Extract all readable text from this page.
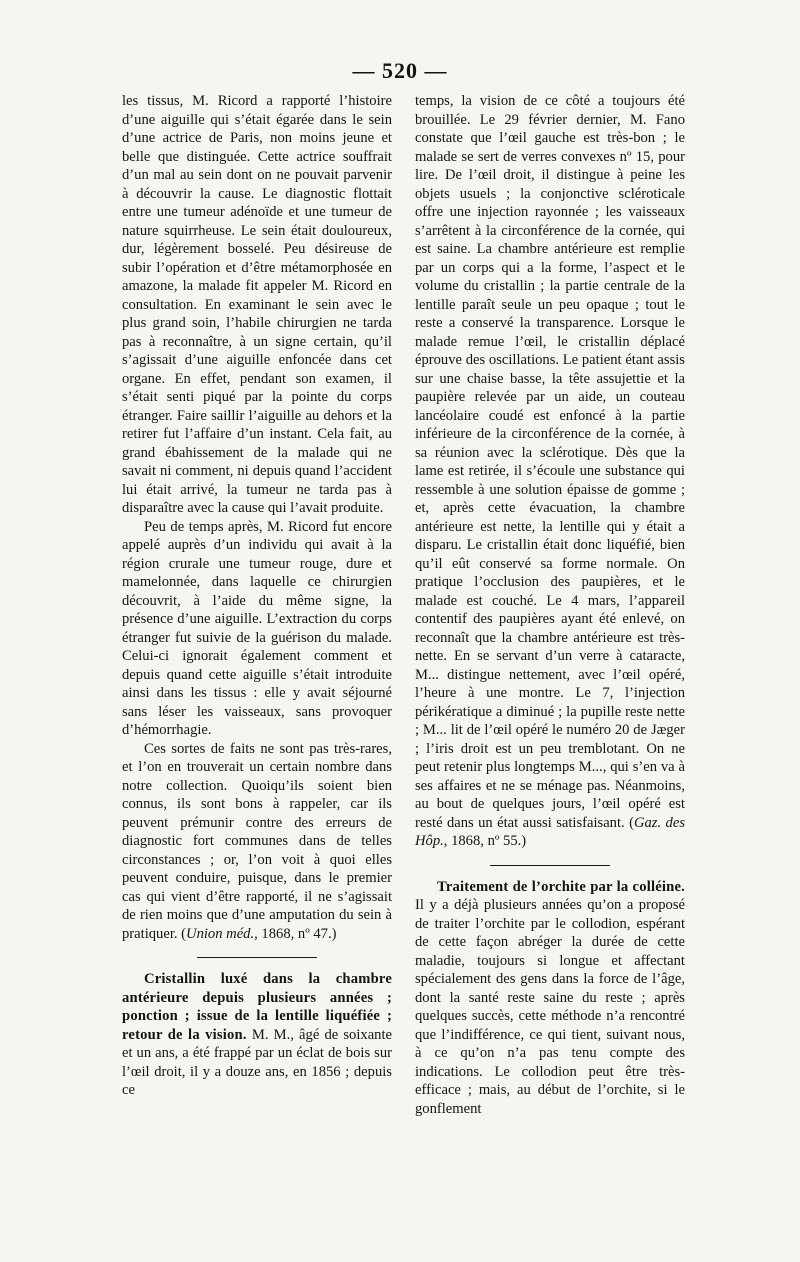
— 520 —

les tissus, M. Ricord a rapporté l’histoire d’une aiguille qui s’était égarée dans le sein d’une actrice de Paris, non moins jeune et belle que distinguée. Cette actrice souffrait d’un mal au sein dont on ne pouvait parvenir à découvrir la cause. Le diagnostic flottait entre une tumeur adénoïde et une tumeur de nature squirrheuse. Le sein était douloureux, dur, légèrement bosselé. Peu désireuse de subir l’opération et d’être métamorphosée en amazone, la malade fit appeler M. Ricord en consultation. En examinant le sein avec le plus grand soin, l’habile chirurgien ne tarda pas à reconnaître, à un signe certain, qu’il s’agissait d’une aiguille enfoncée dans cet organe. En effet, pendant son examen, il s’était senti piqué par la pointe du corps étranger. Faire saillir l’aiguille au dehors et la retirer fut l’affaire d’un instant. Cela fait, au grand ébahissement de la malade qui ne savait ni comment, ni depuis quand l’accident lui était arrivé, la tumeur ne tarda pas à disparaître avec la cause qui l’avait produite.

Peu de temps après, M. Ricord fut encore appelé auprès d’un individu qui avait à la région crurale une tumeur rouge, dure et mamelonnée, dans laquelle ce chirurgien découvrit, à l’aide du même signe, la présence d’une aiguille. L’extraction du corps étranger fut suivie de la guérison du malade. Celui-ci ignorait également comment et depuis quand cette aiguille s’était introduite ainsi dans les tissus : elle y avait séjourné sans léser les vaisseaux, sans provoquer d’hémorrhagie.

Ces sortes de faits ne sont pas très-rares, et l’on en trouverait un certain nombre dans notre collection. Quoiqu’ils soient bien connus, ils sont bons à rappeler, car ils peuvent prémunir contre des erreurs de diagnostic fort communes dans de telles circonstances ; or, l’on voit à quoi elles peuvent conduire, puisque, dans le premier cas qui vient d’être rapporté, il ne s’agissait de rien moins que d’une amputation du sein à pratiquer. (Union méd., 1868, nº 47.)

Cristallin luxé dans la chambre antérieure depuis plusieurs années ; ponction ; issue de la lentille liquéfiée ; retour de la vision. M. M., âgé de soixante et un ans, a été frappé par un éclat de bois sur l’œil droit, il y a douze ans, en 1856 ; depuis ce

temps, la vision de ce côté a toujours été brouillée. Le 29 février dernier, M. Fano constate que l’œil gauche est très-bon ; le malade se sert de verres convexes nº 15, pour lire. De l’œil droit, il distingue à peine les objets usuels ; la conjonctive scléroticale offre une injection rayonnée ; les vaisseaux s’arrêtent à la circonférence de la cornée, qui est saine. La chambre antérieure est remplie par un corps qui a la forme, l’aspect et le volume du cristallin ; la partie centrale de la lentille paraît seule un peu opaque ; tout le reste a conservé la transparence. Lorsque le malade remue l’œil, le cristallin déplacé éprouve des oscillations. Le patient étant assis sur une chaise basse, la tête assujettie et la paupière relevée par un aide, un couteau lancéolaire coudé est enfoncé à la partie inférieure de la circonférence de la cornée, à sa réunion avec la sclérotique. Dès que la lame est retirée, il s’écoule une substance qui ressemble à une solution épaisse de gomme ; et, après cette évacuation, la chambre antérieure est nette, la lentille qui y était a disparu. Le cristallin était donc liquéfié, bien qu’il eût conservé sa forme normale. On pratique l’occlusion des paupières, et le malade est couché. Le 4 mars, l’appareil contentif des paupières ayant été enlevé, on reconnaît que la chambre antérieure est très-nette. En se servant d’un verre à cataracte, M... distingue nettement, avec l’œil opéré, l’heure à une montre. Le 7, l’injection périkératique a diminué ; la pupille reste nette ; M... lit de l’œil opéré le numéro 20 de Jæger ; l’iris droit est un peu tremblotant. On ne peut retenir plus longtemps M..., qui s’en va à ses affaires et ne se ménage pas. Néanmoins, au bout de quelques jours, l’œil opéré est resté dans un état aussi satisfaisant. (Gaz. des Hôp., 1868, nº 55.)

Traitement de l’orchite par la colléine. Il y a déjà plusieurs années qu’on a proposé de traiter l’orchite par le collodion, espérant de cette façon abréger la durée de cette maladie, toujours si longue et affectant spécialement des gens dans la force de l’âge, dont la santé reste saine du reste ; après quelques succès, cette méthode n’a rencontré que l’indifférence, ce qui tient, suivant nous, à ce qu’on n’a pas tenu compte des indications. Le collodion peut être très-efficace ; mais, au début de l’orchite, si le gonflement
